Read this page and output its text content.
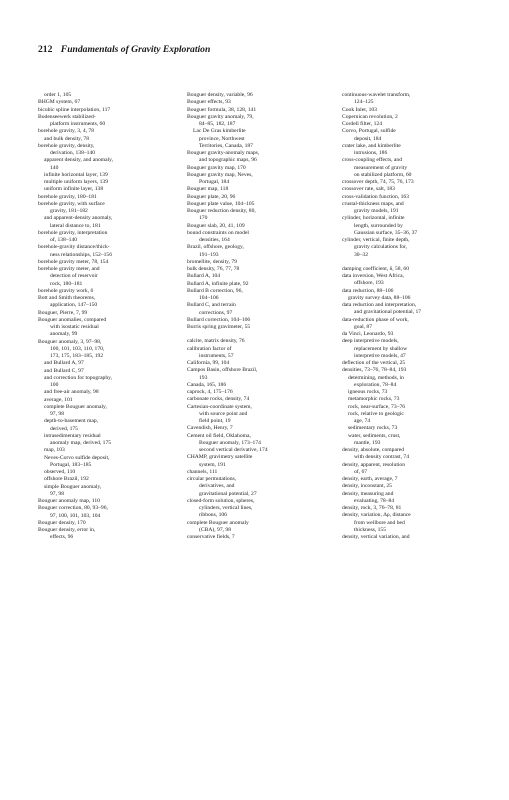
212 Fundamentals of Gravity Exploration
order 1, 105
BHGM system, 67
bicubic spline interpolation, 117
Bodenseewerk stabilized-
platform instruments, 60
borehole gravity, 3, 4, 78
and bulk density, 78
borehole gravity, density,
derivation, 138–140
apparent density, and anomaly,
140
infinite horizontal layer, 139
multiple uniform layers, 139
uniform infinite layer, 138
borehole gravity, 180–181
borehole gravity, with surface
gravity, 181–182
and apparent-density anomaly,
lateral distance to, 181
borehole gravity, interpretation
of, 138–140
borehole-gravity distance/thick-
ness relationships, 152–156
borehole gravity meter, 78, 154
borehole gravity meter, and
detection of reservoir
rock, 180–181
borehole gravity work, 6
Bott and Smith theorems,
application, 147–150
Bouguer, Pierre, 7, 99
Bouguer anomalies, compared
with isostatic residual
anomaly, 99
Bouguer anomaly, 3, 97–98,
100, 101, 103, 110, 170,
173, 175, 183–185, 192
and Bullard A, 97
and Bullard C, 97
and correction for topography,
100
and free-air anomaly, 98
average, 101
complete Bouguer anomaly,
97, 98
depth-to-basement map,
derived, 175
intrasedimentary residual
anomaly map, derived, 175
map, 103
Neves-Corvo sulfide deposit,
Portugal, 183–185
observed, 110
offshore Brazil, 192
simple Bouguer anomaly,
97, 98
Bouguer anomaly map, 110
Bouguer correction, 80, 93–96,
97, 100, 101, 103, 104
Bouguer density, 170
Bouguer density, error in,
effects, 96
Bouguer density, variable, 96
Bouguer effects, 93
Bouguer formula, 38, 128, 141
Bouguer gravity anomaly, 79,
84–85, 182, 187
Lac De Gras kimberlite
province, Northwest
Territories, Canada, 187
Bouguer gravity-anomaly maps,
and topographic maps, 96
Bouguer gravity map, 170
Bouguer gravity map, Neves,
Portugal, 184
Bouguer map, 118
Bouguer plate, 20, 96
Bouguer plate value, 104–105
Bouguer reduction density, 80,
170
Bouguer slab, 20, 41, 109
bound constraints on model
densities, 164
Brazil, offshore, geology,
191–193
bromellite, density, 79
bulk density, 76, 77, 78
Bullard A, 104
Bullard A, infinite plate, 92
Bullard B correction, 96,
104–106
Bullard C, and terrain
corrections, 97
Bullard correction, 104–106
Burris spring gravimeter, 55
calcite, matrix density, 76
calibration factor of
instruments, 57
California, 99, 104
Campos Basin, offshore Brazil,
193
Canada, 165, 186
caprock, 4, 175–176
carbonate rocks, density, 74
Cartesian-coordinate system,
with source point and
field point, 19
Cavendish, Henry, 7
Cement oil field, Oklahoma,
Bouguer anomaly, 173–174
second vertical derivative, 174
CHAMP, gravimetry satellite
system, 191
channels, 111
circular permutations,
derivatives, and
gravitational potential, 27
closed-form solution, spheres,
cylinders, vertical lines,
ribbons, 106
complete Bouguer anomaly
(CBA), 97, 98
conservative fields, 7
continuous-wavelet transform,
124–125
Cook Inlet, 103
Copernican revolution, 2
Cordell filter, 124
Corvo, Portugal, sulfide
deposit, 184
crater lake, and kimberlite
intrusions, 186
cross-coupling effects, and
measurement of gravity
on stabilized platform, 60
crossover depth, 74, 75, 76, 173
crossover rate, salt, 183
cross-validation function, 163
crustal-thickness maps, and
gravity models, 191
cylinder, horizontal, infinite
length, surrounded by
Gaussian surface, 35–36, 37
cylinder, vertical, finite depth,
gravity calculations for,
30–32
damping coefficient, δ, 58, 60
data inversion, West Africa,
offshore, 193
data reduction, 88–106
gravity survey data, 88–106
data reduction and interpretation,
and gravitational potential, 17
data-reduction phase of work,
goal, 87
da Vinci, Leonardo, 93
deep interpretive models,
replacement by shallow
interpretive models, 47
deflection of the vertical, 25
densities, 73–76, 78–84, 193
determining, methods, in
exploration, 78–84
igneous rocks, 73
metamorphic rocks, 73
rock, near-surface, 73–76
rock, relative to geologic
age, 74
sedimentary rocks, 73
water, sediments, crust,
mantle, 193
density, absolute, compared
with density contrast, 74
density, apparent, resolution
of, 67
density, earth, average, 7
density, inconstant, 25
density, measuring and
evaluating, 78–84
density, rock, 3, 76–78, 81
density, variation, Δρ, distance
from wellbore and bed
thickness, 155
density, vertical variation, and
